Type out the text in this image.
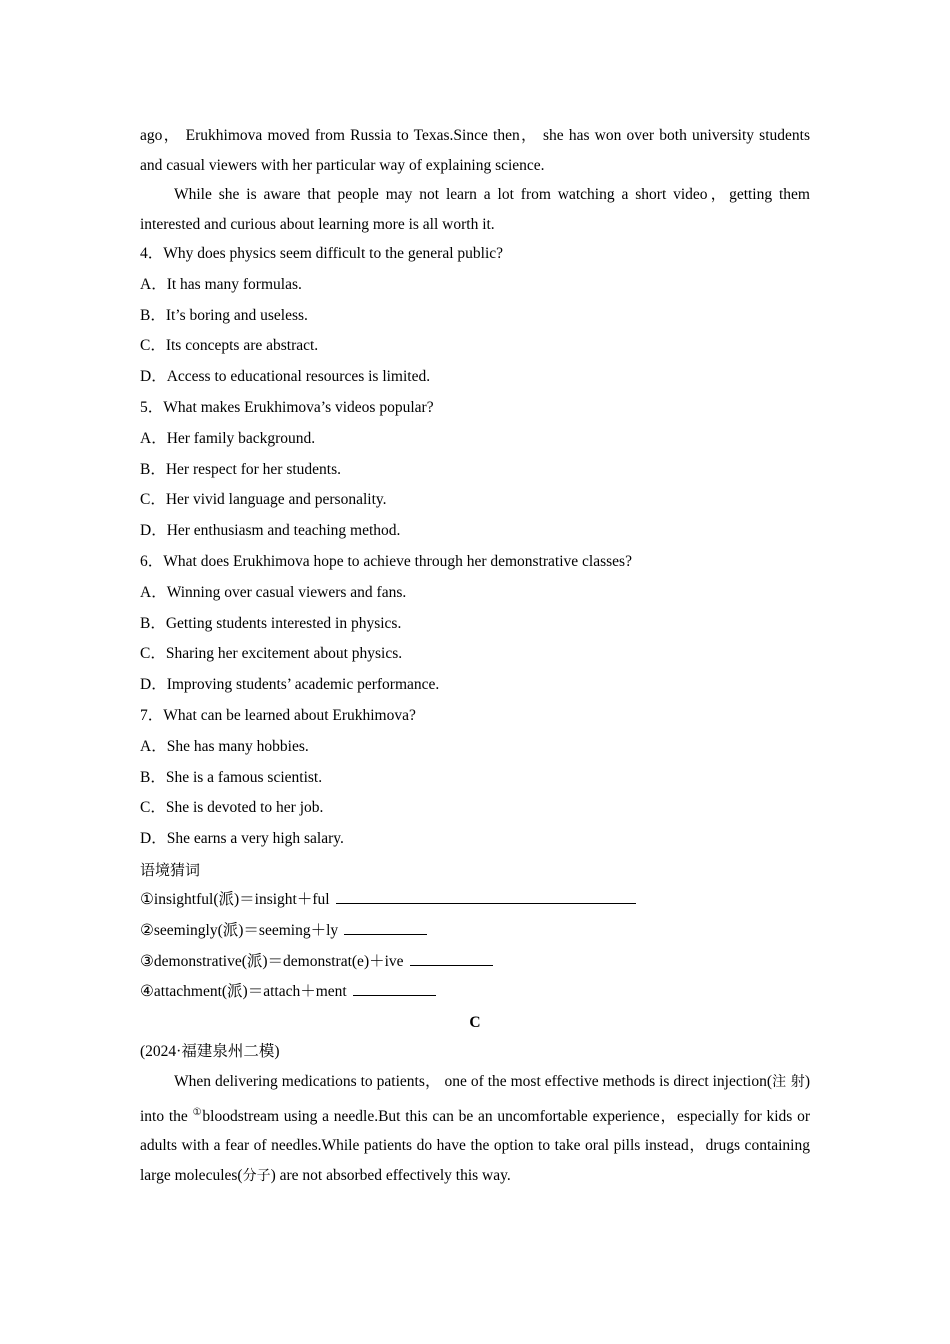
ago， Erukhimova moved from Russia to Texas.Since then， she has won over both university students and casual viewers with her particular way of explaining science.

While she is aware that people may not learn a lot from watching a short video，getting them interested and curious about learning more is all worth it.

4．Why does physics seem difficult to the general public?

A．It has many formulas.

B．It’s boring and useless.

C．Its concepts are abstract.

D．Access to educational resources is limited.

5．What makes Erukhimova’s videos popular?

A．Her family background.

B．Her respect for her students.

C．Her vivid language and personality.

D．Her enthusiasm and teaching method.

6．What does Erukhimova hope to achieve through her demonstrative classes?

A．Winning over casual viewers and fans.

B．Getting students interested in physics.

C．Sharing her excitement about physics.

D．Improving students’ academic performance.

7．What can be learned about Erukhimova?

A．She has many hobbies.

B．She is a famous scientist.

C．She is devoted to her job.

D．She earns a very high salary.

语境猜词

①insightful(派)＝insight＋ful

②seemingly(派)＝seeming＋ly

③demonstrative(派)＝demonstrat(e)＋ive

④attachment(派)＝attach＋ment

C

(2024·福建泉州二模)

When delivering medications to patients， one of the most effective methods is direct injection(注 射) into the ①bloodstream using a needle.But this can be an uncomfortable experience，especially for kids or adults with a fear of needles.While patients do have the option to take oral pills instead，drugs containing large molecules(分子) are not absorbed effectively this way.
